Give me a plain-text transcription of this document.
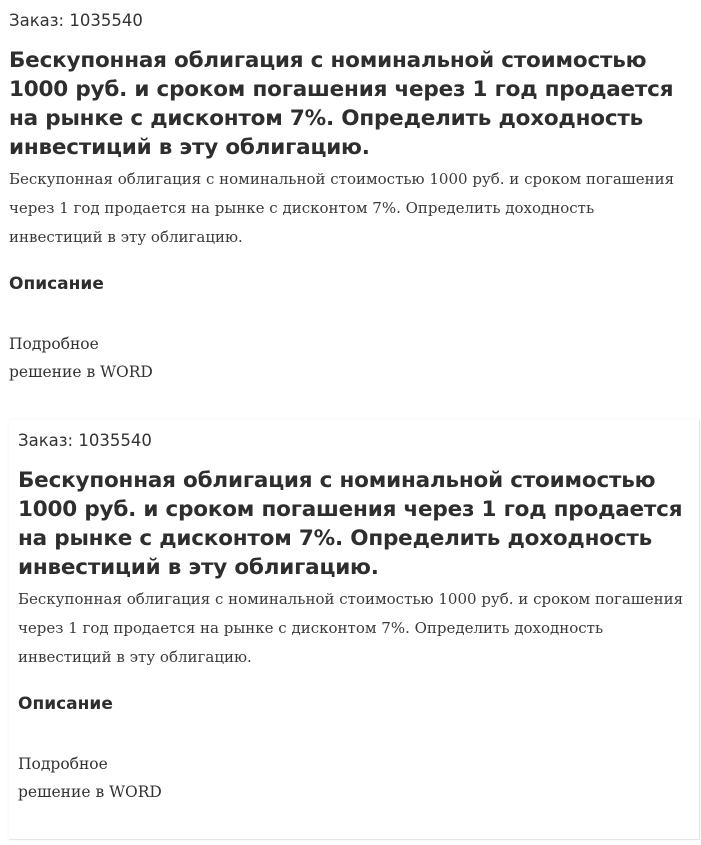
Заказ: 1035540

Бескупонная облигация с номинальной стоимостью 1000 руб. и сроком погашения через 1 год продается на рынке с дисконтом 7%. Определить доходность инвестиций в эту облигацию.

Бескупонная облигация с номинальной стоимостью 1000 руб. и сроком погашения через 1 год продается на рынке с дисконтом 7%. Определить доходность инвестиций в эту облигацию.

Описание

Подробное
решение в WORD

Заказ: 1035540

Бескупонная облигация с номинальной стоимостью 1000 руб. и сроком погашения через 1 год продается на рынке с дисконтом 7%. Определить доходность инвестиций в эту облигацию.

Бескупонная облигация с номинальной стоимостью 1000 руб. и сроком погашения через 1 год продается на рынке с дисконтом 7%. Определить доходность инвестиций в эту облигацию.

Описание

Подробное
решение в WORD
